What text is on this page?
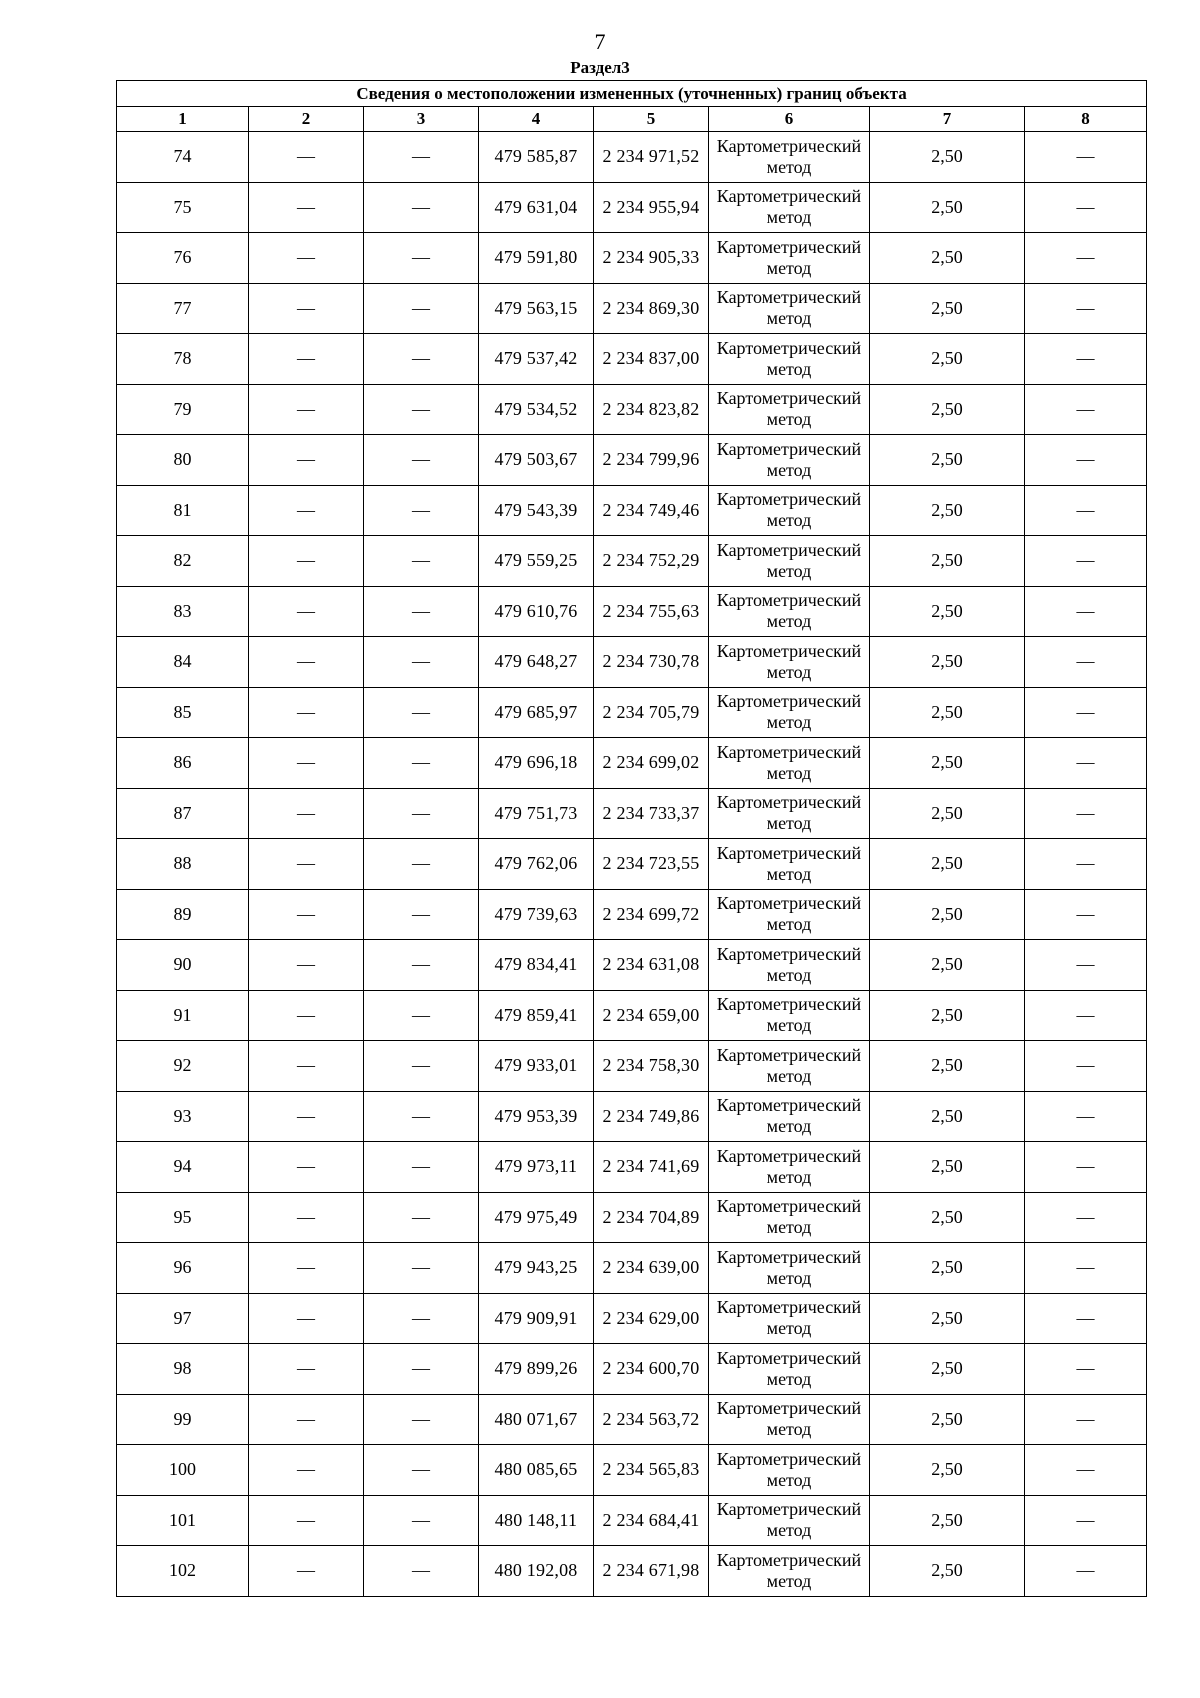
7
Раздел3
Сведения о местоположении измененных (уточненных) границ объекта							
1	2	3	4	5	6	7	8
74	—	—	479 585,87	2 234 971,52	Картометрический метод	2,50	—
75	—	—	479 631,04	2 234 955,94	Картометрический метод	2,50	—
76	—	—	479 591,80	2 234 905,33	Картометрический метод	2,50	—
77	—	—	479 563,15	2 234 869,30	Картометрический метод	2,50	—
78	—	—	479 537,42	2 234 837,00	Картометрический метод	2,50	—
79	—	—	479 534,52	2 234 823,82	Картометрический метод	2,50	—
80	—	—	479 503,67	2 234 799,96	Картометрический метод	2,50	—
81	—	—	479 543,39	2 234 749,46	Картометрический метод	2,50	—
82	—	—	479 559,25	2 234 752,29	Картометрический метод	2,50	—
83	—	—	479 610,76	2 234 755,63	Картометрический метод	2,50	—
84	—	—	479 648,27	2 234 730,78	Картометрический метод	2,50	—
85	—	—	479 685,97	2 234 705,79	Картометрический метод	2,50	—
86	—	—	479 696,18	2 234 699,02	Картометрический метод	2,50	—
87	—	—	479 751,73	2 234 733,37	Картометрический метод	2,50	—
88	—	—	479 762,06	2 234 723,55	Картометрический метод	2,50	—
89	—	—	479 739,63	2 234 699,72	Картометрический метод	2,50	—
90	—	—	479 834,41	2 234 631,08	Картометрический метод	2,50	—
91	—	—	479 859,41	2 234 659,00	Картометрический метод	2,50	—
92	—	—	479 933,01	2 234 758,30	Картометрический метод	2,50	—
93	—	—	479 953,39	2 234 749,86	Картометрический метод	2,50	—
94	—	—	479 973,11	2 234 741,69	Картометрический метод	2,50	—
95	—	—	479 975,49	2 234 704,89	Картометрический метод	2,50	—
96	—	—	479 943,25	2 234 639,00	Картометрический метод	2,50	—
97	—	—	479 909,91	2 234 629,00	Картометрический метод	2,50	—
98	—	—	479 899,26	2 234 600,70	Картометрический метод	2,50	—
99	—	—	480 071,67	2 234 563,72	Картометрический метод	2,50	—
100	—	—	480 085,65	2 234 565,83	Картометрический метод	2,50	—
101	—	—	480 148,11	2 234 684,41	Картометрический метод	2,50	—
102	—	—	480 192,08	2 234 671,98	Картометрический метод	2,50	—
